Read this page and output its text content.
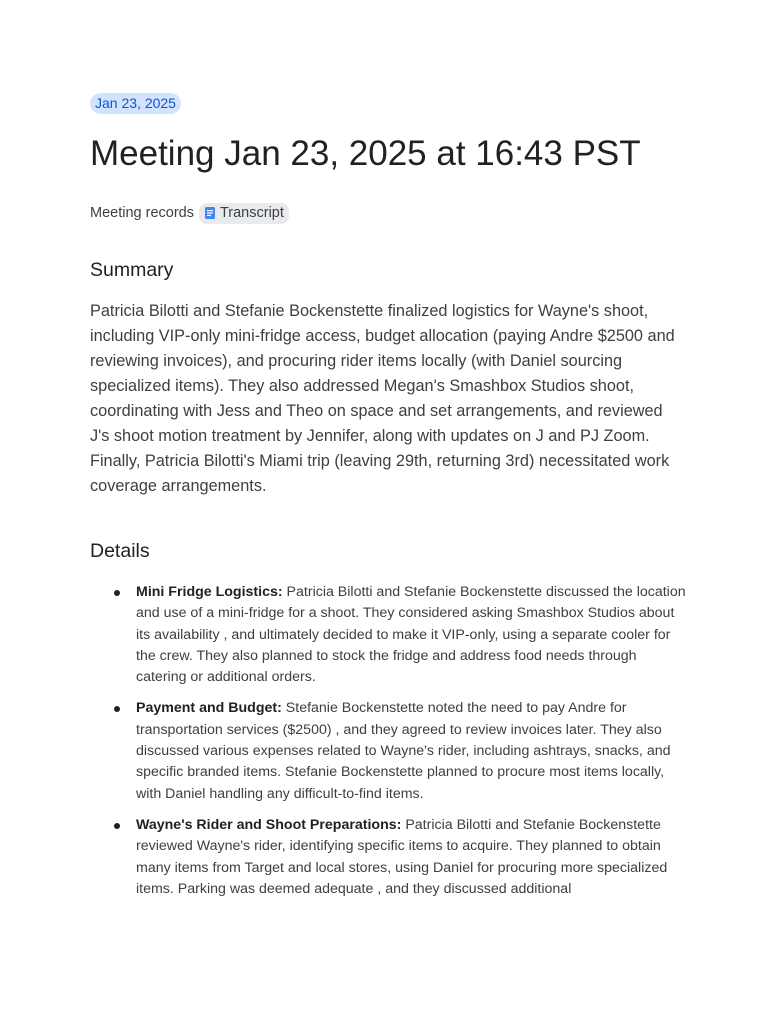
Jan 23, 2025
Meeting Jan 23, 2025 at 16:43 PST
Meeting records Transcript
Summary

Patricia Bilotti and Stefanie Bockenstette finalized logistics for Wayne's shoot, including VIP-only mini-fridge access, budget allocation (paying Andre $2500 and reviewing invoices), and procuring rider items locally (with Daniel sourcing specialized items). They also addressed Megan's Smashbox Studios shoot, coordinating with Jess and Theo on space and set arrangements, and reviewed J's shoot motion treatment by Jennifer, along with updates on J and PJ Zoom. Finally, Patricia Bilotti's Miami trip (leaving 29th, returning 3rd) necessitated work coverage arrangements.

Details
Mini Fridge Logistics: Patricia Bilotti and Stefanie Bockenstette discussed the location and use of a mini-fridge for a shoot. They considered asking Smashbox Studios about its availability , and ultimately decided to make it VIP-only, using a separate cooler for the crew. They also planned to stock the fridge and address food needs through catering or additional orders.
Payment and Budget: Stefanie Bockenstette noted the need to pay Andre for transportation services ($2500) , and they agreed to review invoices later. They also discussed various expenses related to Wayne's rider, including ashtrays, snacks, and specific branded items. Stefanie Bockenstette planned to procure most items locally, with Daniel handling any difficult-to-find items.
Wayne's Rider and Shoot Preparations: Patricia Bilotti and Stefanie Bockenstette reviewed Wayne's rider, identifying specific items to acquire. They planned to obtain many items from Target and local stores, using Daniel for procuring more specialized items. Parking was deemed adequate , and they discussed additional
